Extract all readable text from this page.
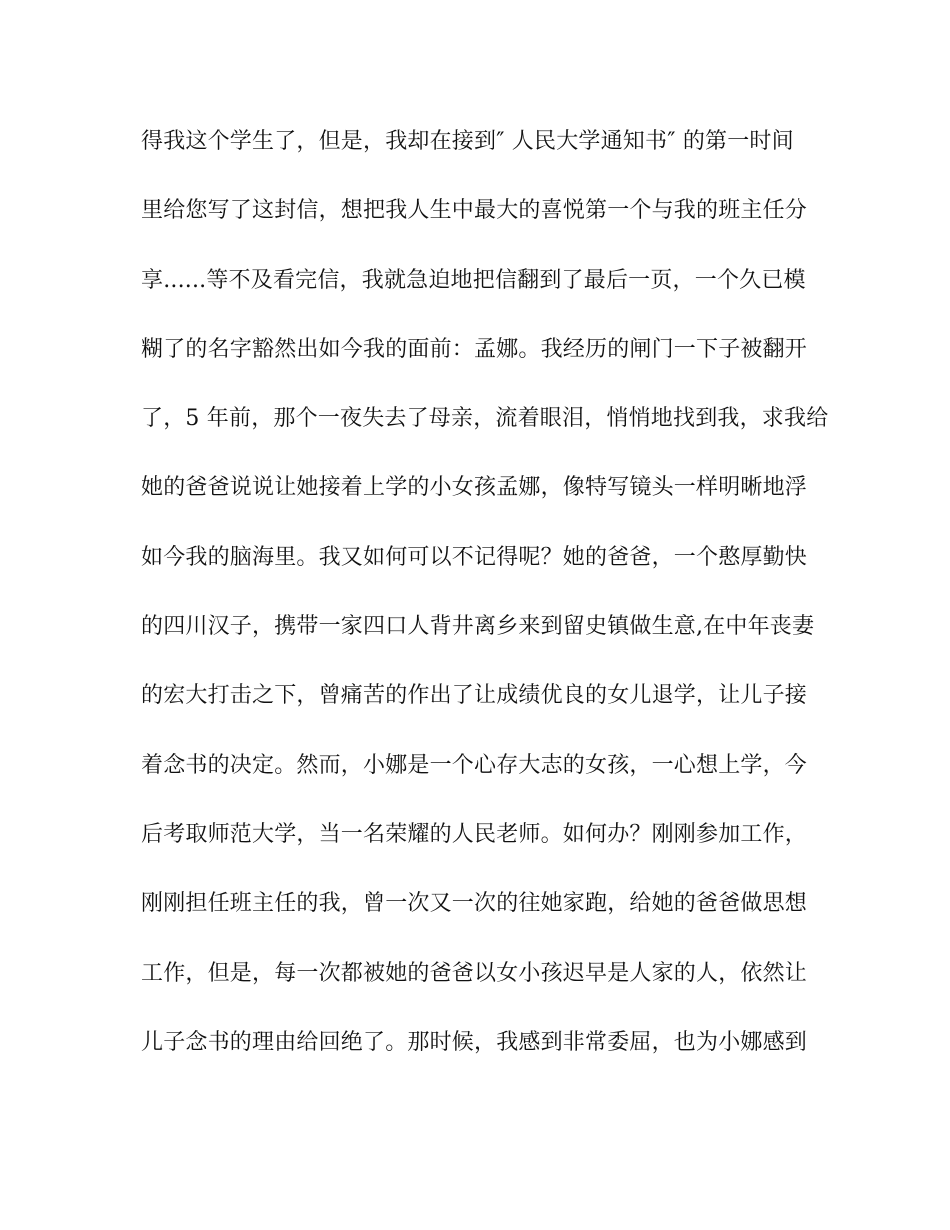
得我这个学生了，但是，我却在接到″ 人民大学通知书″ 的第一时间
里给您写了这封信，想把我人生中最大的喜悦第一个与我的班主任分
享......等不及看完信，我就急迫地把信翻到了最后一页，一个久已模
糊了的名字豁然出如今我的面前：孟娜。我经历的闸门一下子被翻开
了，5 年前，那个一夜失去了母亲，流着眼泪，悄悄地找到我，求我给
她的爸爸说说让她接着上学的小女孩孟娜，像特写镜头一样明晰地浮
如今我的脑海里。我又如何可以不记得呢？她的爸爸，一个憨厚勤快
的四川汉子，携带一家四口人背井离乡来到留史镇做生意,在中年丧妻
的宏大打击之下，曾痛苦的作出了让成绩优良的女儿退学，让儿子接
着念书的决定。然而，小娜是一个心存大志的女孩，一心想上学，今
后考取师范大学，当一名荣耀的人民老师。如何办？刚刚参加工作，
刚刚担任班主任的我，曾一次又一次的往她家跑，给她的爸爸做思想
工作，但是，每一次都被她的爸爸以女小孩迟早是人家的人，依然让
儿子念书的理由给回绝了。那时候，我感到非常委屈，也为小娜感到
